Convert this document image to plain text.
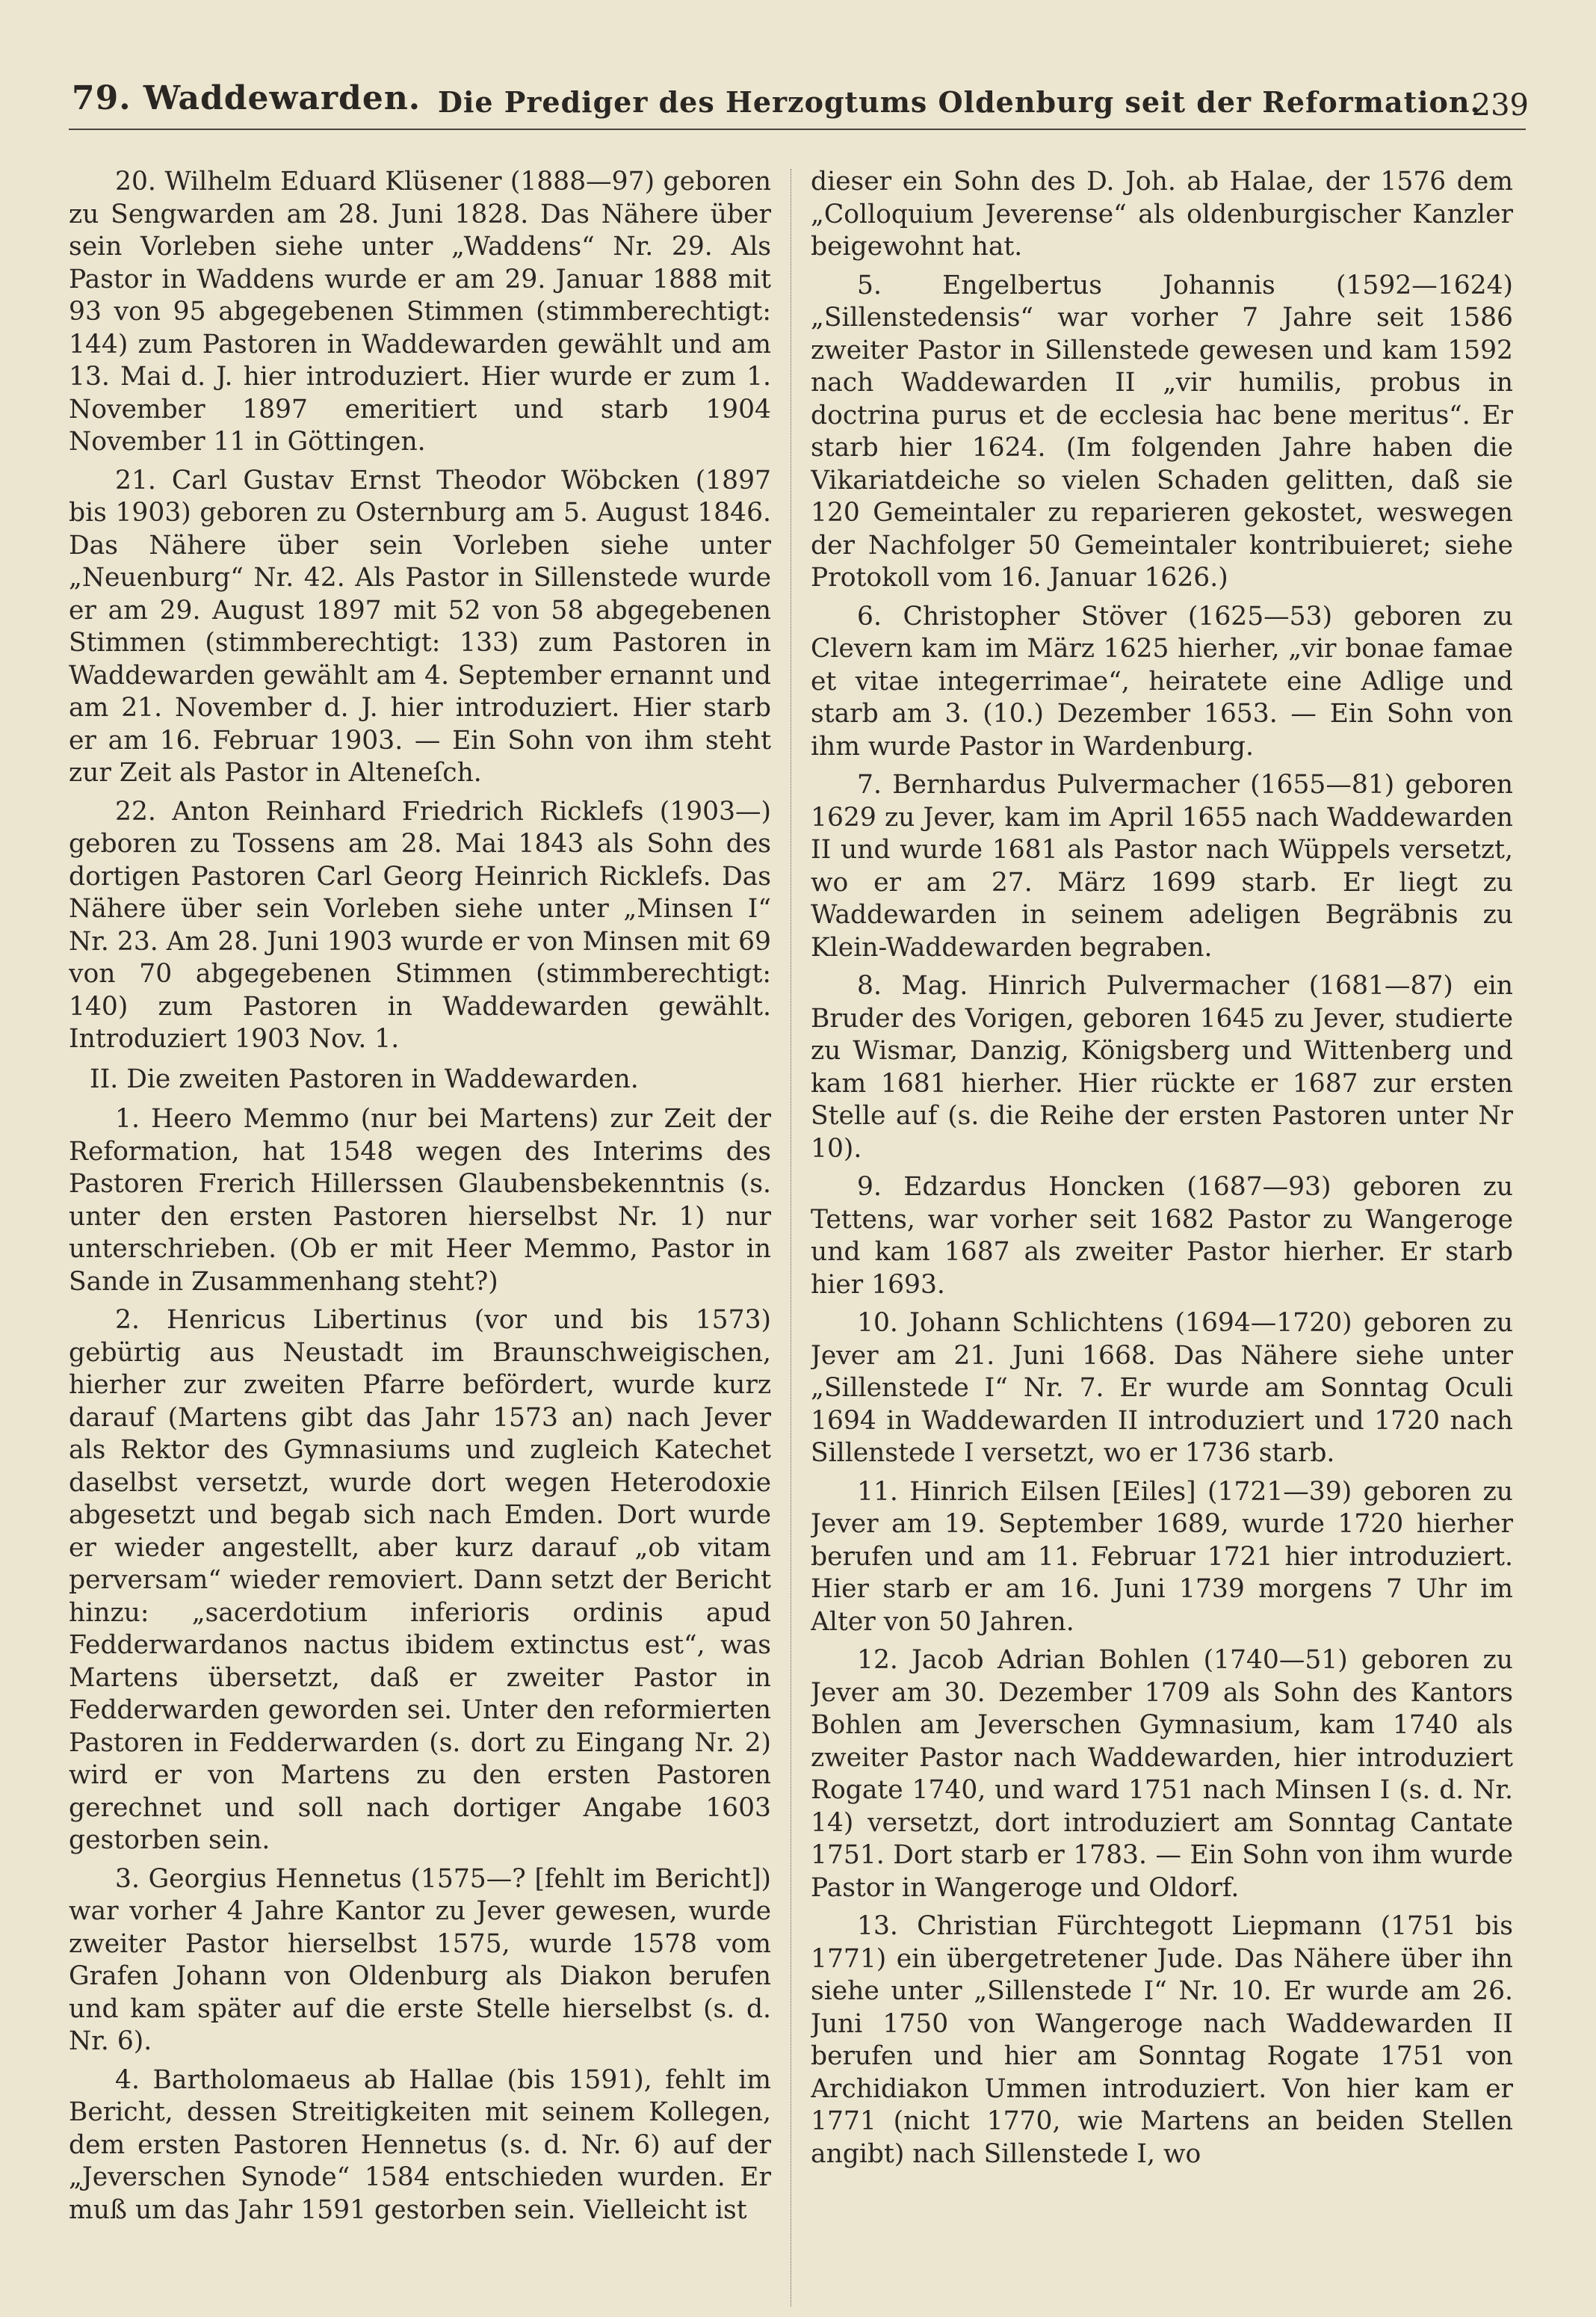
79. Waddewarden. Die Prediger des Herzogtums Oldenburg seit der Reformation.
239

20. Wilhelm Eduard Klüsener (1888—97) geboren zu Sengwarden am 28. Juni 1828. Das Nähere über sein Vorleben siehe unter „Waddens“ Nr. 29. Als Pastor in Waddens wurde er am 29. Januar 1888 mit 93 von 95 abgegebenen Stimmen (stimmberechtigt: 144) zum Pastoren in Waddewarden gewählt und am 13. Mai d. J. hier introduziert. Hier wurde er zum 1. November 1897 emeritiert und starb 1904 November 11 in Göttingen.

21. Carl Gustav Ernst Theodor Wöbcken (1897 bis 1903) geboren zu Osternburg am 5. August 1846. Das Nähere über sein Vorleben siehe unter „Neuenburg“ Nr. 42. Als Pastor in Sillenstede wurde er am 29. August 1897 mit 52 von 58 abgegebenen Stimmen (stimmberechtigt: 133) zum Pastoren in Waddewarden gewählt am 4. September ernannt und am 21. November d. J. hier introduziert. Hier starb er am 16. Februar 1903. — Ein Sohn von ihm steht zur Zeit als Pastor in Alteneſch.

22. Anton Reinhard Friedrich Ricklefs (1903—) geboren zu Tossens am 28. Mai 1843 als Sohn des dortigen Pastoren Carl Georg Heinrich Ricklefs. Das Nähere über sein Vorleben siehe unter „Minsen I“ Nr. 23. Am 28. Juni 1903 wurde er von Minsen mit 69 von 70 abgegebenen Stimmen (stimmberechtigt: 140) zum Pastoren in Waddewarden gewählt. Introduziert 1903 Nov. 1.

II. Die zweiten Pastoren in Waddewarden.

1. Heero Memmo (nur bei Martens) zur Zeit der Reformation, hat 1548 wegen des Interims des Pastoren Frerich Hillerssen Glaubensbekenntnis (s. unter den ersten Pastoren hierselbst Nr. 1) nur unterschrieben. (Ob er mit Heer Memmo, Pastor in Sande in Zusammenhang steht?)

2. Henricus Libertinus (vor und bis 1573) gebürtig aus Neustadt im Braunschweigischen, hierher zur zweiten Pfarre befördert, wurde kurz darauf (Martens gibt das Jahr 1573 an) nach Jever als Rektor des Gymnasiums und zugleich Katechet daselbst versetzt, wurde dort wegen Heterodoxie abgesetzt und begab sich nach Emden. Dort wurde er wieder angestellt, aber kurz darauf „ob vitam perversam“ wieder removiert. Dann setzt der Bericht hinzu: „sacerdotium inferioris ordinis apud Fedderwardanos nactus ibidem extinctus est“, was Martens übersetzt, daß er zweiter Pastor in Fedderwarden geworden sei. Unter den reformierten Pastoren in Fedderwarden (s. dort zu Eingang Nr. 2) wird er von Martens zu den ersten Pastoren gerechnet und soll nach dortiger Angabe 1603 gestorben sein.

3. Georgius Hennetus (1575—? [fehlt im Bericht]) war vorher 4 Jahre Kantor zu Jever gewesen, wurde zweiter Pastor hierselbst 1575, wurde 1578 vom Grafen Johann von Oldenburg als Diakon berufen und kam später auf die erste Stelle hierselbst (s. d. Nr. 6).

4. Bartholomaeus ab Hallae (bis 1591), fehlt im Bericht, dessen Streitigkeiten mit seinem Kollegen, dem ersten Pastoren Hennetus (s. d. Nr. 6) auf der „Jeverschen Synode“ 1584 entschieden wurden. Er muß um das Jahr 1591 gestorben sein. Vielleicht ist

dieser ein Sohn des D. Joh. ab Halae, der 1576 dem „Colloquium Jeverense“ als oldenburgischer Kanzler beigewohnt hat.

5. Engelbertus Johannis (1592—1624) „Sillenstedensis“ war vorher 7 Jahre seit 1586 zweiter Pastor in Sillenstede gewesen und kam 1592 nach Waddewarden II „vir humilis, probus in doctrina purus et de ecclesia hac bene meritus“. Er starb hier 1624. (Im folgenden Jahre haben die Vikariatdeiche so vielen Schaden gelitten, daß sie 120 Gemeintaler zu reparieren gekostet, weswegen der Nachfolger 50 Gemeintaler kontribuieret; siehe Protokoll vom 16. Januar 1626.)

6. Christopher Stöver (1625—53) geboren zu Clevern kam im März 1625 hierher, „vir bonae famae et vitae integerrimae“, heiratete eine Adlige und starb am 3. (10.) Dezember 1653. — Ein Sohn von ihm wurde Pastor in Wardenburg.

7. Bernhardus Pulvermacher (1655—81) geboren 1629 zu Jever, kam im April 1655 nach Waddewarden II und wurde 1681 als Pastor nach Wüppels versetzt, wo er am 27. März 1699 starb. Er liegt zu Waddewarden in seinem adeligen Begräbnis zu Klein-Waddewarden begraben.

8. Mag. Hinrich Pulvermacher (1681—87) ein Bruder des Vorigen, geboren 1645 zu Jever, studierte zu Wismar, Danzig, Königsberg und Wittenberg und kam 1681 hierher. Hier rückte er 1687 zur ersten Stelle auf (s. die Reihe der ersten Pastoren unter Nr 10).

9. Edzardus Honcken (1687—93) geboren zu Tettens, war vorher seit 1682 Pastor zu Wangeroge und kam 1687 als zweiter Pastor hierher. Er starb hier 1693.

10. Johann Schlichtens (1694—1720) geboren zu Jever am 21. Juni 1668. Das Nähere siehe unter „Sillenstede I“ Nr. 7. Er wurde am Sonntag Oculi 1694 in Waddewarden II introduziert und 1720 nach Sillenstede I versetzt, wo er 1736 starb.

11. Hinrich Eilsen [Eiles] (1721—39) geboren zu Jever am 19. September 1689, wurde 1720 hierher berufen und am 11. Februar 1721 hier introduziert. Hier starb er am 16. Juni 1739 morgens 7 Uhr im Alter von 50 Jahren.

12. Jacob Adrian Bohlen (1740—51) geboren zu Jever am 30. Dezember 1709 als Sohn des Kantors Bohlen am Jeverschen Gymnasium, kam 1740 als zweiter Pastor nach Waddewarden, hier introduziert Rogate 1740, und ward 1751 nach Minsen I (s. d. Nr. 14) versetzt, dort introduziert am Sonntag Cantate 1751. Dort starb er 1783. — Ein Sohn von ihm wurde Pastor in Wangeroge und Oldorf.

13. Christian Fürchtegott Liepmann (1751 bis 1771) ein übergetretener Jude. Das Nähere über ihn siehe unter „Sillenstede I“ Nr. 10. Er wurde am 26. Juni 1750 von Wangeroge nach Waddewarden II berufen und hier am Sonntag Rogate 1751 von Archidiakon Ummen introduziert. Von hier kam er 1771 (nicht 1770, wie Martens an beiden Stellen angibt) nach Sillenstede I, wo
